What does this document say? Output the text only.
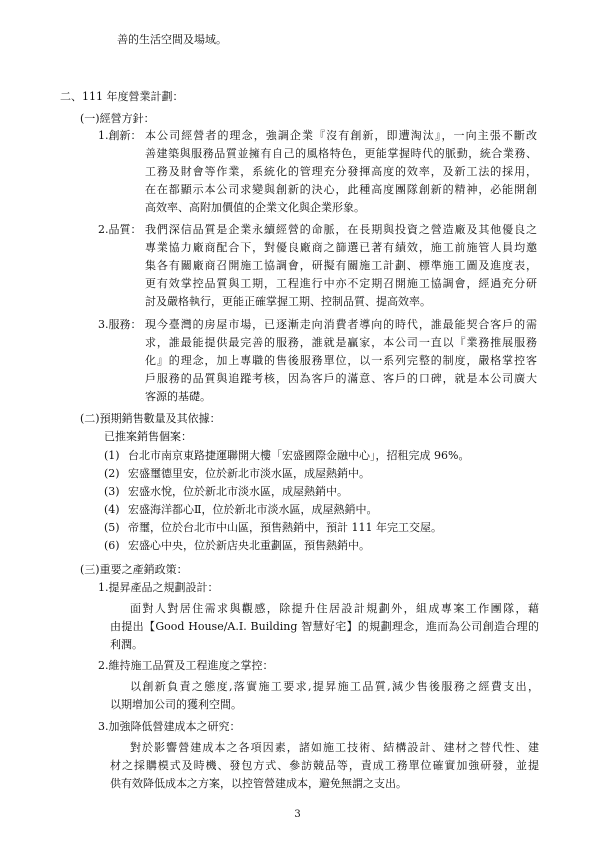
善的生活空間及場域。
二、111 年度營業計劃：
(一)經營方針：
1.創新： 本公司經營者的理念，強調企業『沒有創新，即遭淘汰』，一向主張不斷改
善建築與服務品質並擁有自己的風格特色，更能掌握時代的脈動，統合業務、
工務及財會等作業，系統化的管理充分發揮高度的效率，及新工法的採用，
在在都顯示本公司求變與創新的決心，此種高度團隊創新的精神，必能開創
高效率、高附加價值的企業文化與企業形象。
2.品質： 我們深信品質是企業永續經營的命脈，在長期與投資之營造廠及其他優良之
專業協力廠商配合下，對優良廠商之篩選已著有績效，施工前施管人員均邀
集各有關廠商召開施工協調會，研擬有關施工計劃、標準施工圖及進度表，
更有效掌控品質與工期，工程進行中亦不定期召開施工協調會，經過充分研
討及嚴格執行，更能正確掌握工期、控制品質、提高效率。
3.服務： 現今臺灣的房屋市場，已逐漸走向消費者導向的時代，誰最能契合客戶的需
求，誰最能提供最完善的服務，誰就是贏家，本公司一直以『業務推展服務
化』的理念，加上專職的售後服務單位，以一系列完整的制度，嚴格掌控客
戶服務的品質與追蹤考核，因為客戶的滿意、客戶的口碑，就是本公司廣大
客源的基礎。
(二)預期銷售數量及其依據：
已推案銷售個案：
(1) 台北市南京東路捷運聯開大樓「宏盛國際金融中心」，招租完成 96%。
(2) 宏盛璽德里安，位於新北市淡水區，成屋熱銷中。
(3) 宏盛水悅，位於新北市淡水區，成屋熱銷中。
(4) 宏盛海洋都心Ⅱ，位於新北市淡水區，成屋熱銷中。
(5) 帝璽，位於台北市中山區，預售熱銷中，預計 111 年完工交屋。
(6) 宏盛心中央，位於新店央北重劃區，預售熱銷中。
(三)重要之產銷政策：
1.提昇產品之規劃設計：
面對人對居住需求與觀感，除提升住居設計規劃外，組成專案工作團隊，藉
由提出【Good House/A.I. Building 智慧好宅】的規劃理念，進而為公司創造合理的
利潤。
2.維持施工品質及工程進度之掌控：
以創新負責之態度,落實施工要求,提昇施工品質,減少售後服務之經費支出，
以期增加公司的獲利空間。
3.加強降低營建成本之研究：
對於影響營建成本之各項因素，諸如施工技術、結構設計、建材之替代性、建
材之採購模式及時機、發包方式、參訪競品等，責成工務單位確實加強研發，並提
供有效降低成本之方案，以控管營建成本，避免無謂之支出。
3
